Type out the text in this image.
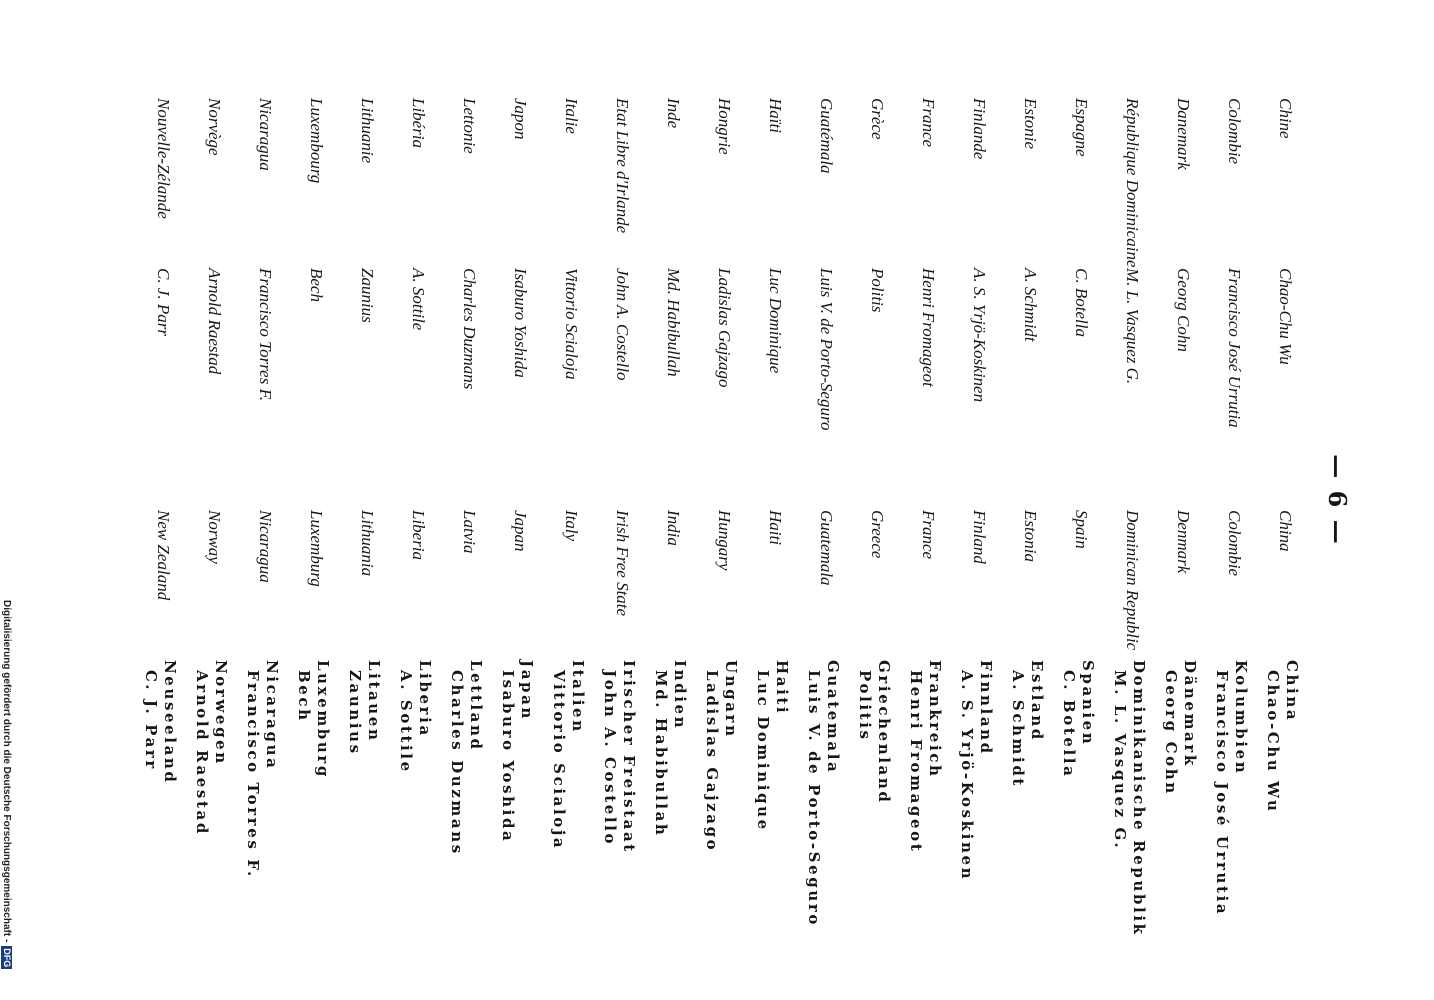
— 6 —
Chine
Chao-Chu Wu
China
China
Chao-Chu Wu
Colombie
Francisco José Urrutia
Colombie
Kolumbien
Francisco José Urrutia
Danemark
Georg Cohn
Denmark
Dänemark
Georg Cohn
République Dominicaine
M. L. Vasquez G.
Dominican Republic
Dominikanische Republik
M. L. Vasquez G.
Espagne
C. Botella
Spain
Spanien
C. Botella
Estonie
A. Schmidt
Estonia
Estland
A. Schmidt
Finlande
A. S. Yrjö-Koskinen
Finland
Finnland
A. S. Yrjö-Koskinen
France
Henri Fromageot
France
Frankreich
Henri Fromageot
Grèce
Politis
Greece
Griechenland
Politis
Guatémala
Luis V. de Porto-Seguro
Guatemala
Guatemala
Luis V. de Porto-Seguro
Haïti
Luc Dominique
Haiti
Haiti
Luc Dominique
Hongrie
Ladislas Gajzago
Hungary
Ungarn
Ladislas Gajzago
Inde
Md. Habibullah
India
Indien
Md. Habibullah
Etat Libre d'Irlande
John A. Costello
Irish Free State
Irischer Freistaat
John A. Costello
Italie
Vittorio Scialoja
Italy
Italien
Vittorio Scialoja
Japon
Isaburo Yoshida
Japan
Japan
Isaburo Yoshida
Lettonie
Charles Duzmans
Latvia
Lettland
Charles Duzmans
Libéria
A. Sottile
Liberia
Liberia
A. Sottile
Lithuanie
Zaunius
Lithuania
Litauen
Zaunius
Luxembourg
Bech
Luxemburg
Luxemburg
Bech
Nicaragua
Francisco Torres F.
Nicaragua
Nicaragua
Francisco Torres F.
Norvège
Arnold Raestad
Norway
Norwegen
Arnold Raestad
Nouvelle-Zélande
C. J. Parr
New Zealand
Neuseeland
C. J. Parr
Digitalisierung gefördert durch die Deutsche Forschungsgemeinschaft -DFG
